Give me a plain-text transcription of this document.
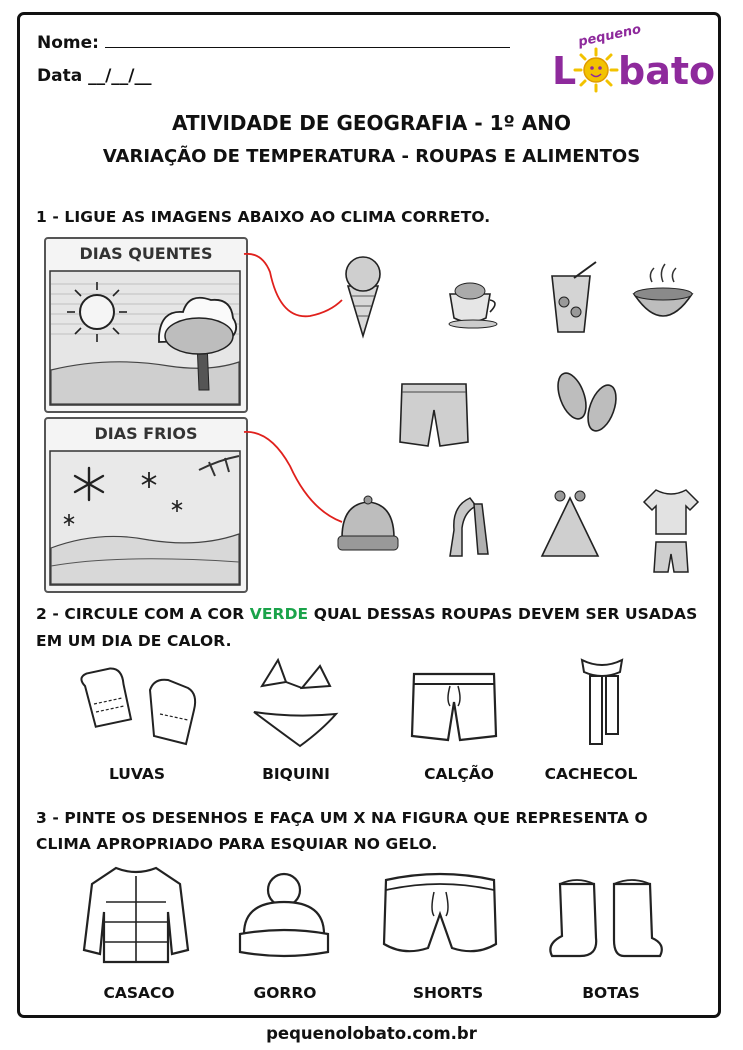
Nome:
Data __/__/__
pequeno
L bato
ATIVIDADE DE GEOGRAFIA - 1º ANO
VARIAÇÃO DE TEMPERATURA - ROUPAS E ALIMENTOS
1 - LIGUE AS IMAGENS ABAIXO AO CLIMA CORRETO.
DIAS QUENTES
DIAS FRIOS
2 - CIRCULE COM A COR VERDE QUAL DESSAS ROUPAS DEVEM SER USADAS
EM UM DIA DE CALOR.
LUVAS	BIQUINI	CALÇÃO	CACHECOL
3 - PINTE OS DESENHOS E FAÇA UM X NA FIGURA QUE REPRESENTA O
CLIMA APROPRIADO PARA ESQUIAR NO GELO.
CASACO	GORRO	SHORTS	BOTAS
pequenolobato.com.br
